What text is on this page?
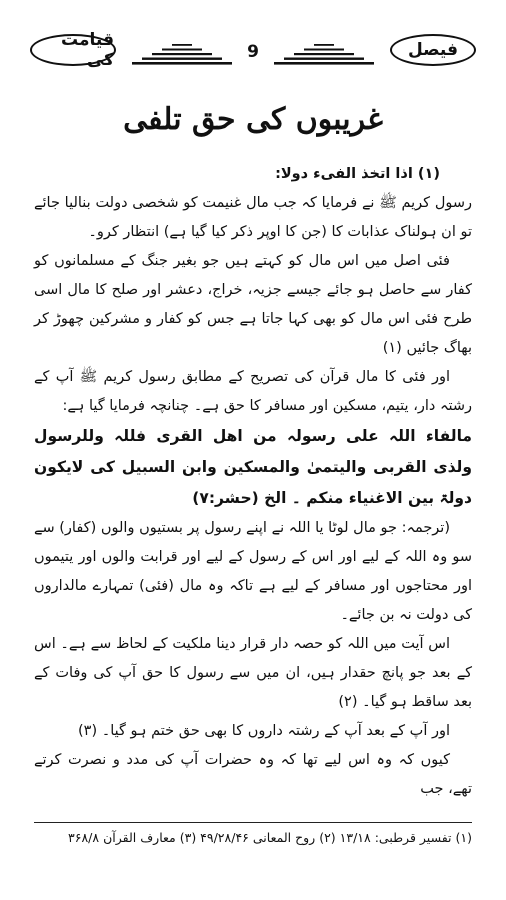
قیامت کی	9	فیصل
غریبوں کی حق تلفی

(۱) اذا اتخذ الفیء دولا:

رسول کریم ﷺ نے فرمایا کہ جب مال غنیمت کو شخصی دولت بنالیا جائے تو ان ہولناک عذابات کا (جن کا اوپر ذکر کیا گیا ہے) انتظار کرو۔

فئی اصل میں اس مال کو کہتے ہیں جو بغیر جنگ کے مسلمانوں کو کفار سے حاصل ہو جائے جیسے جزیہ، خراج، دعشر اور صلح کا مال اسی طرح فئی اس مال کو بھی کہا جاتا ہے جس کو کفار و مشرکین چھوڑ کر بھاگ جائیں (۱)

اور فئی کا مال قرآن کی تصریح کے مطابق رسول کریم ﷺ آپ کے رشتہ دار، یتیم، مسکین اور مسافر کا حق ہے۔ چنانچہ فرمایا گیا ہے:

مالفاء اللہ علی رسولہ من اھل القری فللہ وللرسول ولذی القربی والیتمیٰ والمسکین وابن السبیل کی لایکون دولۃ بین الاغنیاء منکم ۔ الخ (حشر:۷)

(ترجمہ: جو مال لوٹا یا اللہ نے اپنے رسول پر بستیوں والوں (کفار) سے سو وہ اللہ کے لیے اور اس کے رسول کے لیے اور قرابت والوں اور یتیموں اور محتاجوں اور مسافر کے لیے ہے تاکہ وہ مال (فئی) تمہارے مالداروں کی دولت نہ بن جائے۔

اس آیت میں اللہ کو حصہ دار قرار دینا ملکیت کے لحاظ سے ہے۔ اس کے بعد جو پانچ حقدار ہیں، ان میں سے رسول کا حق آپ کی وفات کے بعد ساقط ہو گیا۔ (۲)

اور آپ کے بعد آپ کے رشتہ داروں کا بھی حق ختم ہو گیا۔ (۳)

کیوں کہ وہ اس لیے تھا کہ وہ حضرات آپ کی مدد و نصرت کرتے تھے، جب

(۱) تفسیر قرطبی: ۱۳/۱۸ (۲) روح المعانی ۴۹/۲۸/۴۶ (۳) معارف القرآن ۳۶۸/۸
